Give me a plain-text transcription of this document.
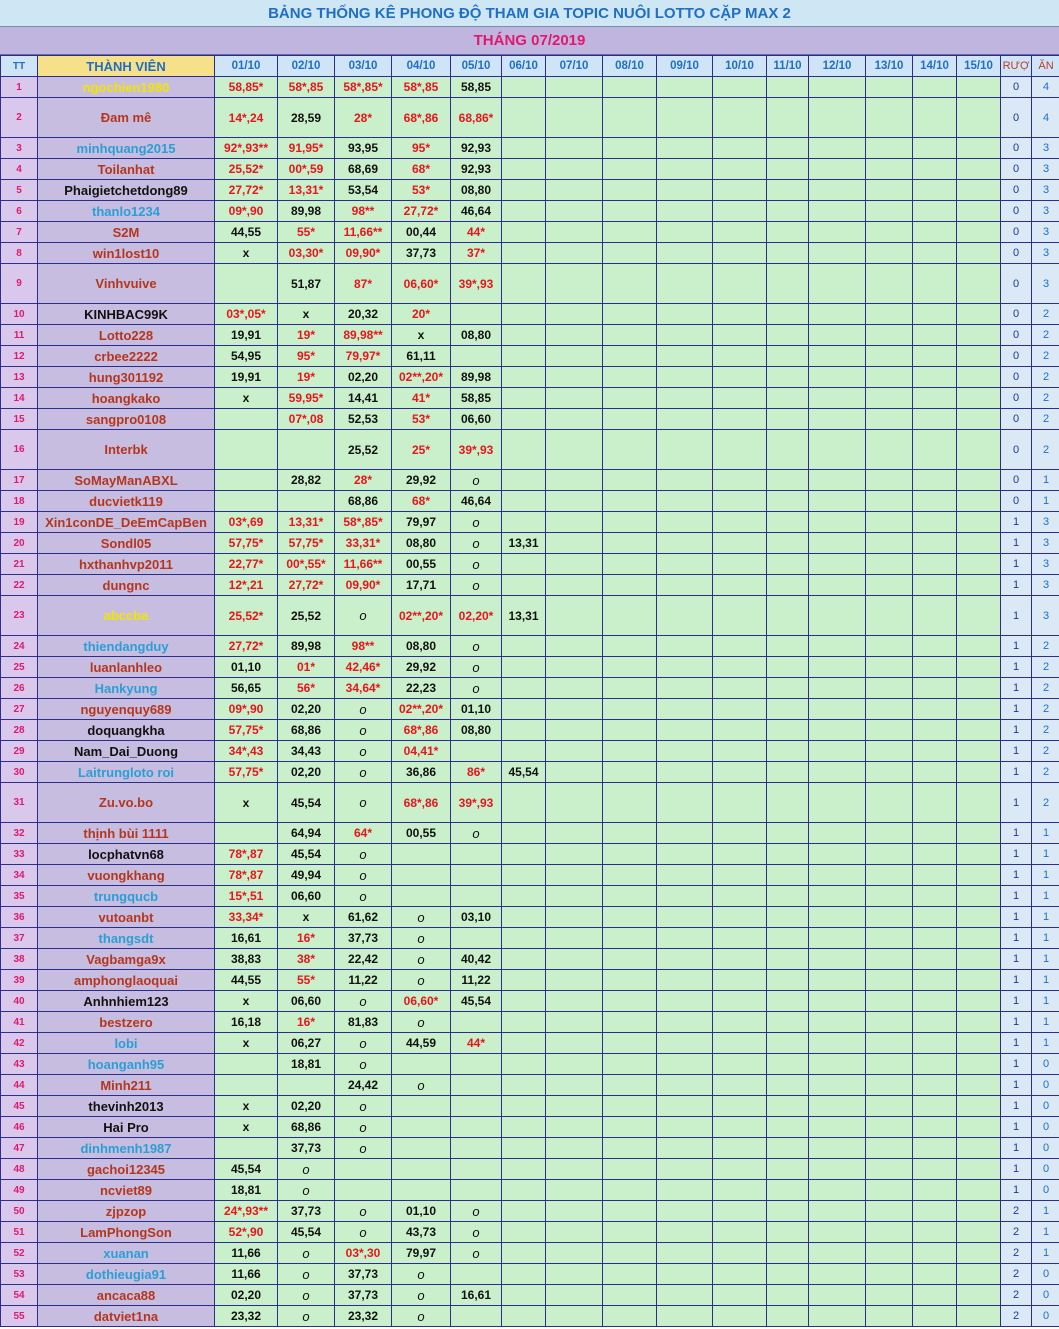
BẢNG THỐNG KÊ PHONG ĐỘ THAM GIA TOPIC NUÔI LOTTO CẶP MAX 2
THÁNG 07/2019
TT	THÀNH VIÊN	01/10	02/10	03/10	04/10	05/10	06/10	07/10	08/10	09/10	10/10	11/10	12/10	13/10	14/10	15/10	RƯỢ	ĂN
1	ngochien1980	58,85*	58*,85	58*,85*	58*,85	58,85											0	4
2	Đam mê	14*,24	28,59	28*	68*,86	68,86*											0	4
3	minhquang2015	92*,93**	91,95*	93,95	95*	92,93											0	3
4	Toilanhat	25,52*	00*,59	68,69	68*	92,93											0	3
5	Phaigietchetdong89	27,72*	13,31*	53,54	53*	08,80											0	3
6	thanlo1234	09*,90	89,98	98**	27,72*	46,64											0	3
7	S2M	44,55	55*	11,66**	00,44	44*											0	3
8	win1lost10	x	03,30*	09,90*	37,73	37*											0	3
9	Vinhvuive		51,87	87*	06,60*	39*,93											0	3
10	KINHBAC99K	03*,05*	x	20,32	20*												0	2
11	Lotto228	19,91	19*	89,98**	x	08,80											0	2
12	crbee2222	54,95	95*	79,97*	61,11												0	2
13	hung301192	19,91	19*	02,20	02**,20*	89,98											0	2
14	hoangkako	x	59,95*	14,41	41*	58,85											0	2
15	sangpro0108		07*,08	52,53	53*	06,60											0	2
16	Interbk			25,52	25*	39*,93											0	2
17	SoMayManABXL		28,82	28*	29,92	o											0	1
18	ducvietk119			68,86	68*	46,64											0	1
19	Xin1conDE_DeEmCapBen	03*,69	13,31*	58*,85*	79,97	o											1	3
20	Sondl05	57,75*	57,75*	33,31*	08,80	o	13,31										1	3
21	hxthanhvp2011	22,77*	00*,55*	11,66**	00,55	o											1	3
22	dungnc	12*,21	27,72*	09,90*	17,71	o											1	3
23	abccba	25,52*	25,52	o	02**,20*	02,20*	13,31										1	3
24	thiendangduy	27,72*	89,98	98**	08,80	o											1	2
25	luanlanhleo	01,10	01*	42,46*	29,92	o											1	2
26	Hankyung	56,65	56*	34,64*	22,23	o											1	2
27	nguyenquy689	09*,90	02,20	o	02**,20*	01,10											1	2
28	doquangkha	57,75*	68,86	o	68*,86	08,80											1	2
29	Nam_Dai_Duong	34*,43	34,43	o	04,41*												1	2
30	Laitrungloto roi	57,75*	02,20	o	36,86	86*	45,54										1	2
31	Zu.vo.bo	x	45,54	o	68*,86	39*,93											1	2
32	thịnh bùi 1111		64,94	64*	00,55	o											1	1
33	locphatvn68	78*,87	45,54	o													1	1
34	vuongkhang	78*,87	49,94	o													1	1
35	trungqucb	15*,51	06,60	o													1	1
36	vutoanbt	33,34*	x	61,62	o	03,10											1	1
37	thangsdt	16,61	16*	37,73	o												1	1
38	Vagbamga9x	38,83	38*	22,42	o	40,42											1	1
39	amphonglaoquai	44,55	55*	11,22	o	11,22											1	1
40	Anhnhiem123	x	06,60	o	06,60*	45,54											1	1
41	bestzero	16,18	16*	81,83	o												1	1
42	lobi	x	06,27	o	44,59	44*											1	1
43	hoanganh95		18,81	o													1	0
44	Minh211			24,42	o												1	0
45	thevinh2013	x	02,20	o													1	0
46	Hai Pro	x	68,86	o													1	0
47	dinhmenh1987		37,73	o													1	0
48	gachoi12345	45,54	o														1	0
49	ncviet89	18,81	o														1	0
50	zjpzop	24*,93**	37,73	o	01,10	o											2	1
51	LamPhongSon	52*,90	45,54	o	43,73	o											2	1
52	xuanan	11,66	o	03*,30	79,97	o											2	1
53	dothieugia91	11,66	o	37,73	o												2	0
54	ancaca88	02,20	o	37,73	o	16,61											2	0
55	datviet1na	23,32	o	23,32	o												2	0
